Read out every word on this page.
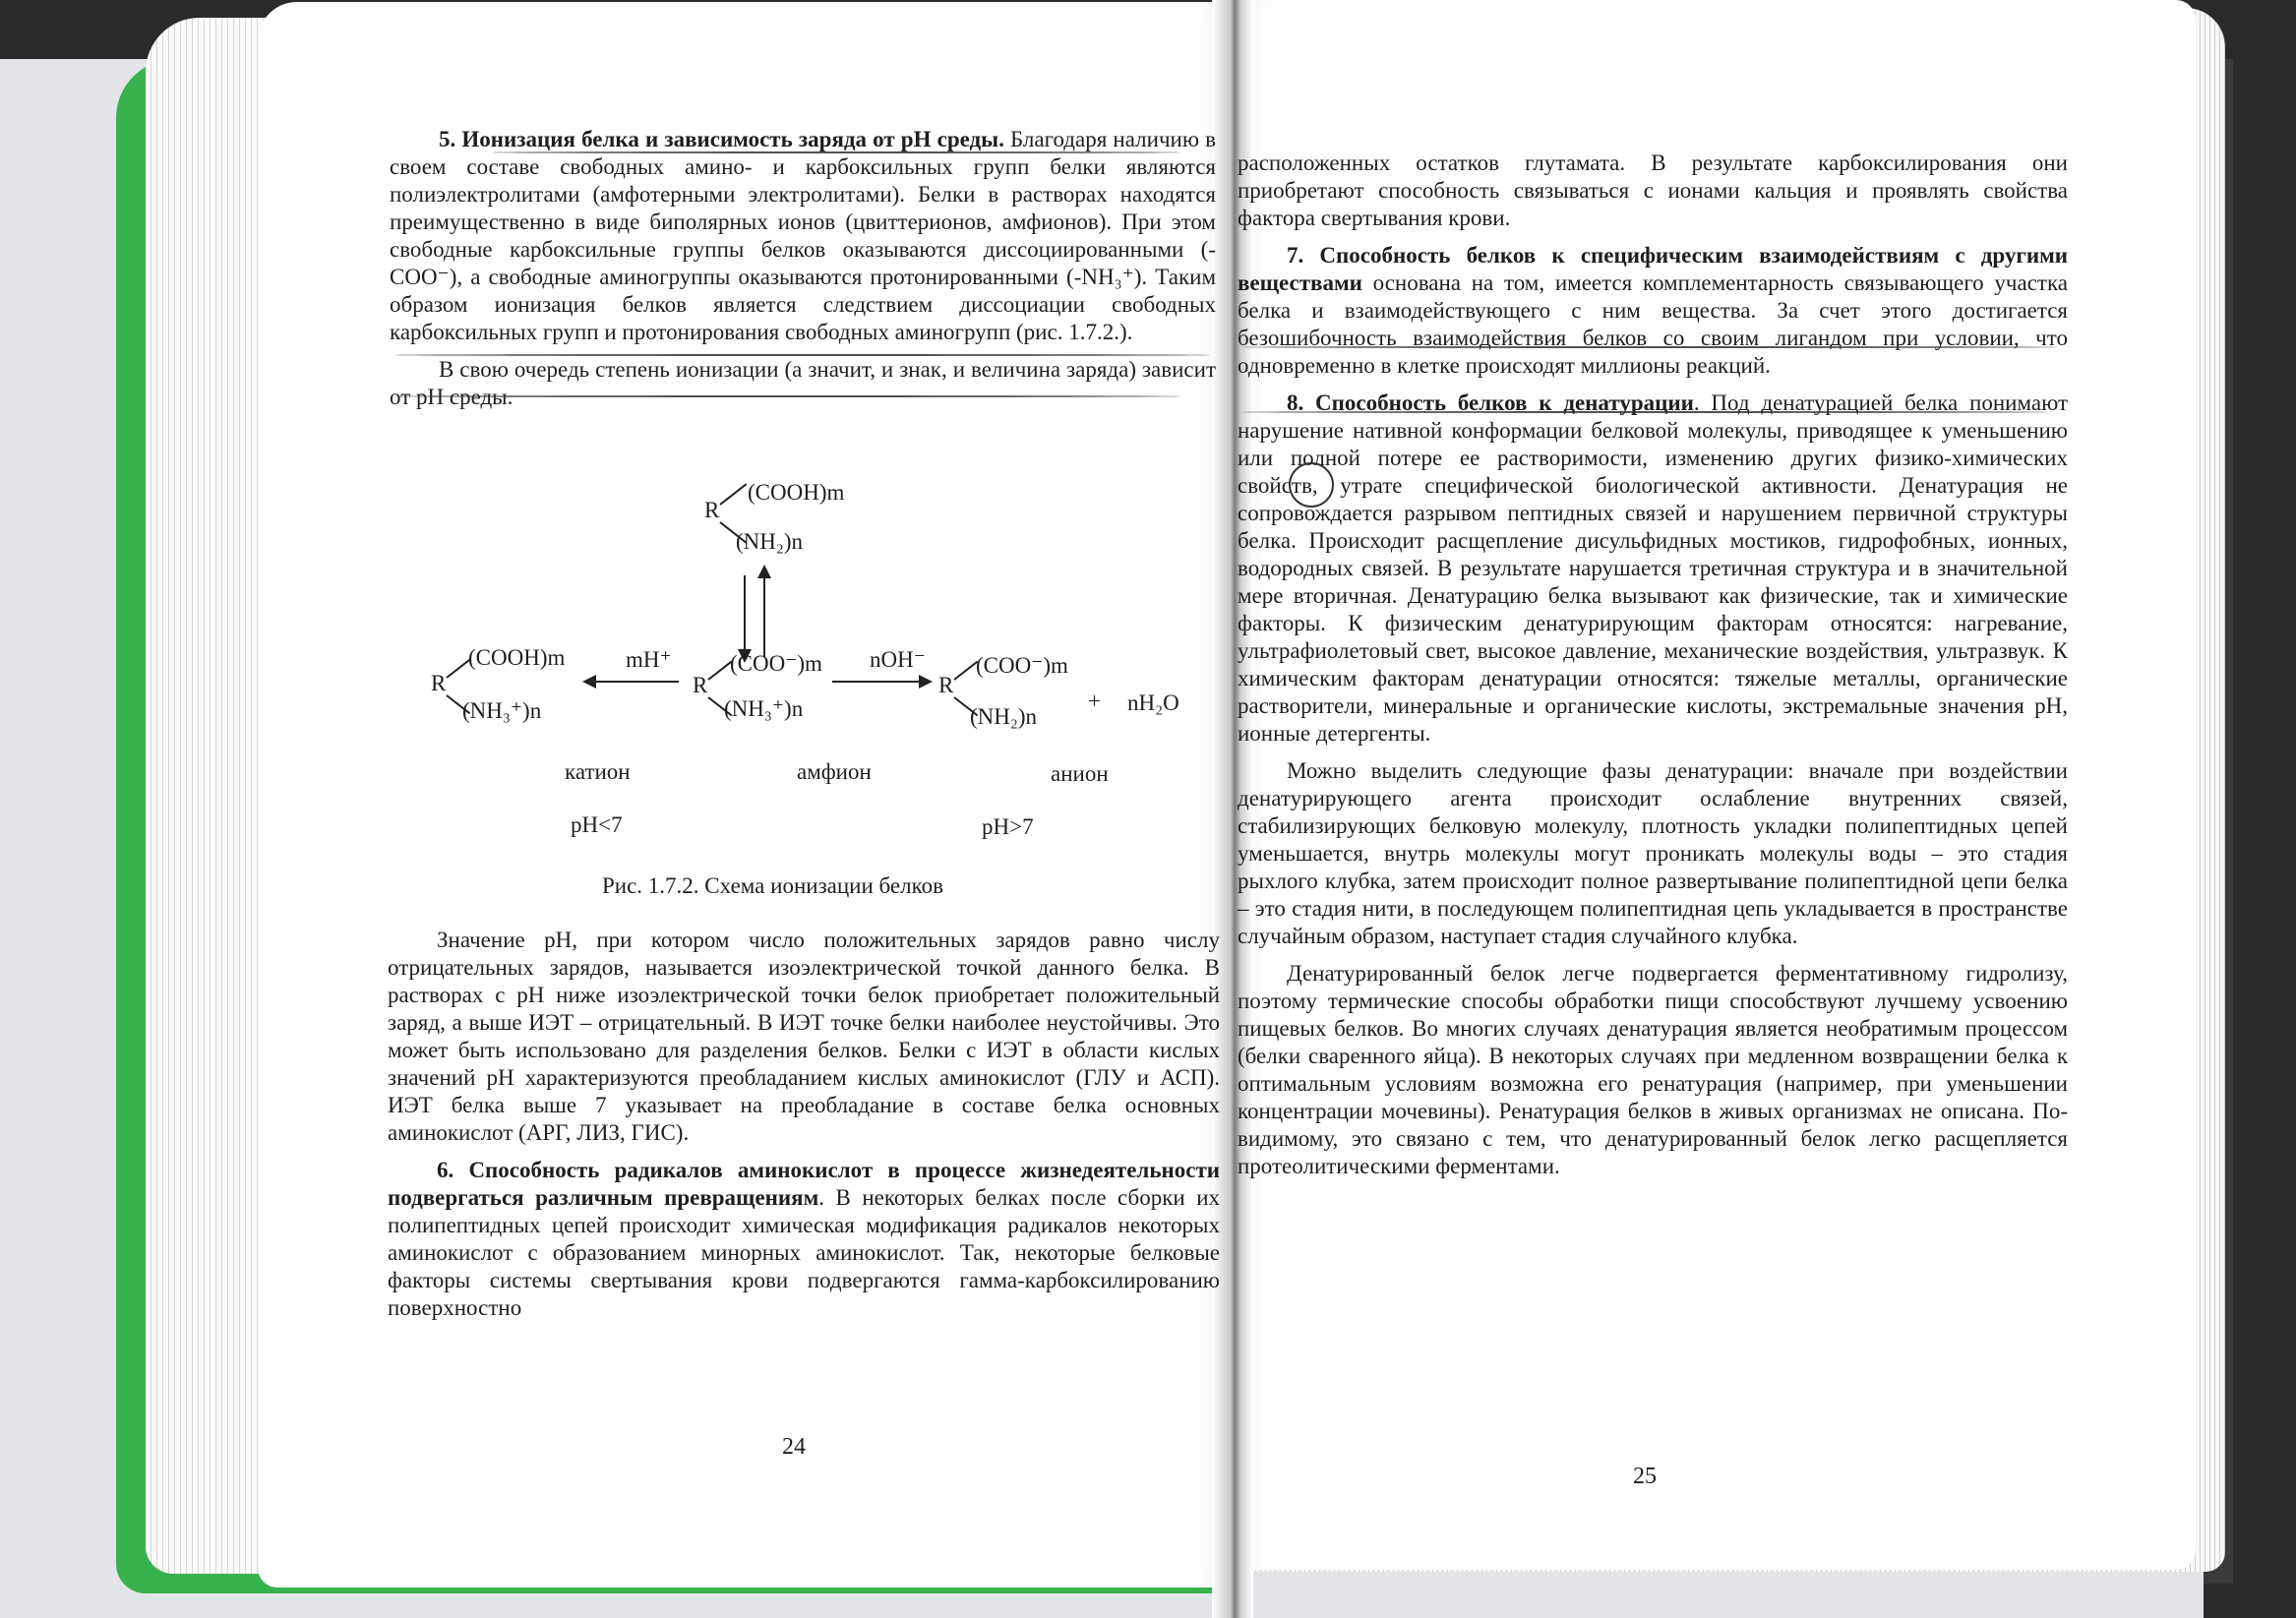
5. Ионизация белка и зависимость заряда от рН среды. Благодаря наличию в своем составе свободных амино- и карбоксильных групп белки являются полиэлектролитами (амфотерными электролитами). Белки в растворах находятся преимущественно в виде биполярных ионов (цвиттерионов, амфионов). При этом свободные карбоксильные группы белков оказываются диссоциированными (-COO⁻), а свободные аминогруппы оказываются протонированными (-NH₃⁺). Таким образом ионизация белков является следствием диссоциации свободных карбоксильных групп и протонирования свободных аминогрупп (рис. 1.7.2.).

В свою очередь степень ионизации (а значит, и знак, и величина заряда) зависит от рН среды.

R
(COOH)m
(NH₂)n
R
(COOH)m
(NH₃⁺)n
mH⁺
R
(COO⁻)m
(NH₃⁺)n
nOH⁻
R
(COO⁻)m
(NH₂)n
+ nH₂O
катион	амфион	анион
pH<7	pH>7
Рис. 1.7.2. Схема ионизации белков

Значение рН, при котором число положительных зарядов равно числу отрицательных зарядов, называется изоэлектрической точкой данного белка. В растворах с рН ниже изоэлектрической точки белок приобретает положительный заряд, а выше ИЭТ – отрицательный. В ИЭТ точке белки наиболее неустойчивы. Это может быть использовано для разделения белков. Белки с ИЭТ в области кислых значений рН характеризуются преобладанием кислых аминокислот (ГЛУ и АСП). ИЭТ белка выше 7 указывает на преобладание в составе белка основных аминокислот (АРГ, ЛИЗ, ГИС).

6. Способность радикалов аминокислот в процессе жизнедеятельности подвергаться различным превращениям. В некоторых белках после сборки их полипептидных цепей происходит химическая модификация радикалов некоторых аминокислот с образованием минорных аминокислот. Так, некоторые белковые факторы системы свертывания крови подвергаются гамма-карбоксилированию поверхностно

24

расположенных остатков глутамата. В результате карбоксилирования они приобретают способность связываться с ионами кальция и проявлять свойства фактора свертывания крови.

7. Способность белков к специфическим взаимодействиям с другими веществами основана на том, имеется комплементарность связывающего участка белка и взаимодействующего с ним вещества. За счет этого достигается безошибочность взаимодействия белков со своим лигандом при условии, что одновременно в клетке происходят миллионы реакций.

8. Способность белков к денатурации. Под денатурацией белка понимают нарушение нативной конформации белковой молекулы, приводящее к уменьшению или полной потере ее растворимости, изменению других физико-химических свойств, утрате специфической биологической активности. Денатурация не сопровождается разрывом пептидных связей и нарушением первичной структуры белка. Происходит расщепление дисульфидных мостиков, гидрофобных, ионных, водородных связей. В результате нарушается третичная структура и в значительной мере вторичная. Денатурацию белка вызывают как физические, так и химические факторы. К физическим денатурирующим факторам относятся: нагревание, ультрафиолетовый свет, высокое давление, механические воздействия, ультразвук. К химическим факторам денатурации относятся: тяжелые металлы, органические растворители, минеральные и органические кислоты, экстремальные значения рН, ионные детергенты.

Можно выделить следующие фазы денатурации: вначале при воздействии денатурирующего агента происходит ослабление внутренних связей, стабилизирующих белковую молекулу, плотность укладки полипептидных цепей уменьшается, внутрь молекулы могут проникать молекулы воды – это стадия рыхлого клубка, затем происходит полное развертывание полипептидной цепи белка – это стадия нити, в последующем полипептидная цепь укладывается в пространстве случайным образом, наступает стадия случайного клубка.

Денатурированный белок легче подвергается ферментативному гидролизу, поэтому термические способы обработки пищи способствуют лучшему усвоению пищевых белков. Во многих случаях денатурация является необратимым процессом (белки сваренного яйца). В некоторых случаях при медленном возвращении белка к оптимальным условиям возможна его ренатурация (например, при уменьшении концентрации мочевины). Ренатурация белков в живых организмах не описана. По-видимому, это связано с тем, что денатурированный белок легко расщепляется протеолитическими ферментами.

25
